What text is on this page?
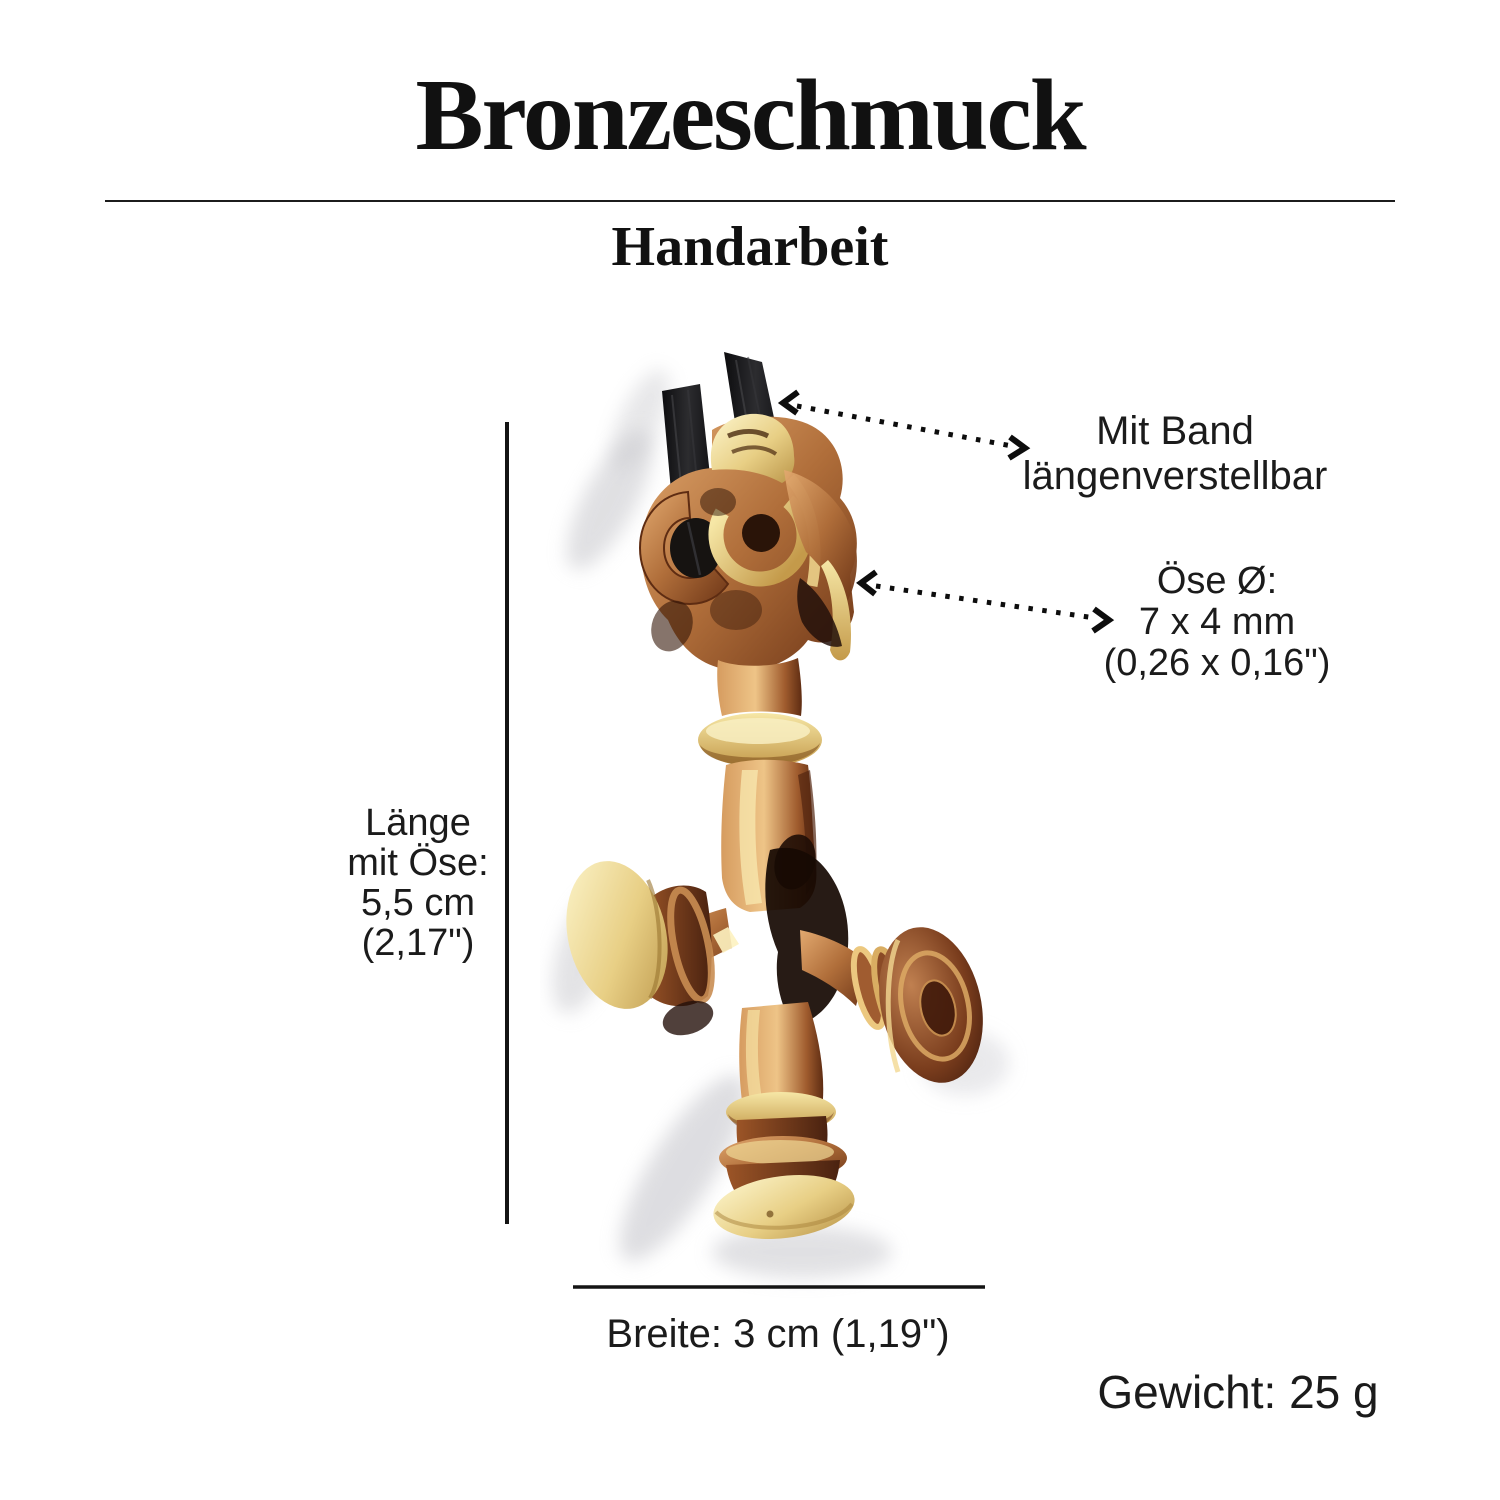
Bronzeschmuck
Handarbeit
Mit Band
längenverstellbar
Öse Ø:
7 x 4 mm
(0,26 x 0,16")
Länge
mit Öse:
5,5 cm
(2,17")
Breite: 3 cm (1,19")
Gewicht: 25 g
